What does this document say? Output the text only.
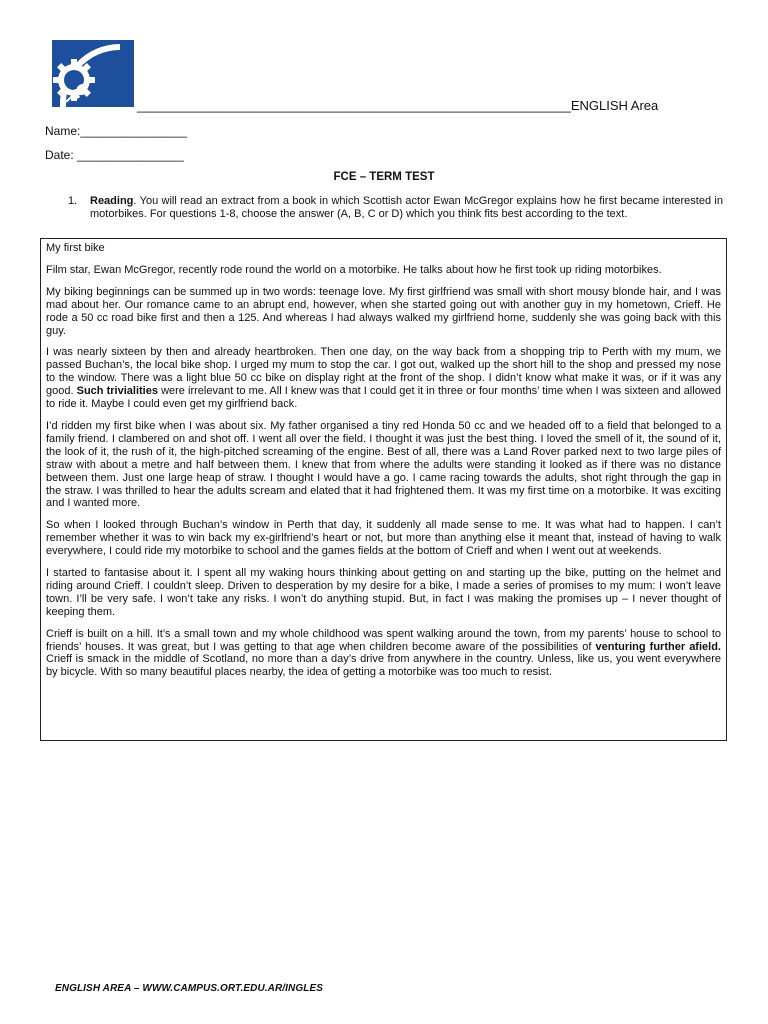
____________________________________________________________ENGLISH Area
Name:________________
Date: ________________
FCE – TERM TEST
1. Reading. You will read an extract from a book in which Scottish actor Ewan McGregor explains how he first became interested in motorbikes. For questions 1-8, choose the answer (A, B, C or D) which you think fits best according to the text.

My first bike

Film star, Ewan McGregor, recently rode round the world on a motorbike. He talks about how he first took up riding motorbikes.

My biking beginnings can be summed up in two words: teenage love. My first girlfriend was small with short mousy blonde hair, and I was mad about her. Our romance came to an abrupt end, however, when she started going out with another guy in my hometown, Crieff. He rode a 50 cc road bike first and then a 125. And whereas I had always walked my girlfriend home, suddenly she was going back with this guy.

I was nearly sixteen by then and already heartbroken. Then one day, on the way back from a shopping trip to Perth with my mum, we passed Buchan’s, the local bike shop. I urged my mum to stop the car. I got out, walked up the short hill to the shop and pressed my nose to the window. There was a light blue 50 cc bike on display right at the front of the shop. I didn’t know what make it was, or if it was any good. Such trivialities were irrelevant to me. All I knew was that I could get it in three or four months’ time when I was sixteen and allowed to ride it. Maybe I could even get my girlfriend back.

I’d ridden my first bike when I was about six. My father organised a tiny red Honda 50 cc and we headed off to a field that belonged to a family friend. I clambered on and shot off. I went all over the field. I thought it was just the best thing. I loved the smell of it, the sound of it, the look of it, the rush of it, the high-pitched screaming of the engine. Best of all, there was a Land Rover parked next to two large piles of straw with about a metre and half between them. I knew that from where the adults were standing it looked as if there was no distance between them. Just one large heap of straw. I thought I would have a go. I came racing towards the adults, shot right through the gap in the straw. I was thrilled to hear the adults scream and elated that it had frightened them. It was my first time on a motorbike. It was exciting and I wanted more.

So when I looked through Buchan’s window in Perth that day, it suddenly all made sense to me. It was what had to happen. I can’t remember whether it was to win back my ex-girlfriend’s heart or not, but more than anything else it meant that, instead of having to walk everywhere, I could ride my motorbike to school and the games fields at the bottom of Crieff and when I went out at weekends.

I started to fantasise about it. I spent all my waking hours thinking about getting on and starting up the bike, putting on the helmet and riding around Crieff. I couldn’t sleep. Driven to desperation by my desire for a bike, I made a series of promises to my mum: I won’t leave town. I’ll be very safe. I won’t take any risks. I won’t do anything stupid. But, in fact I was making the promises up – I never thought of keeping them.

Crieff is built on a hill. It’s a small town and my whole childhood was spent walking around the town, from my parents’ house to school to friends’ houses. It was great, but I was getting to that age when children become aware of the possibilities of venturing further afield. Crieff is smack in the middle of Scotland, no more than a day’s drive from anywhere in the country. Unless, like us, you went everywhere by bicycle. With so many beautiful places nearby, the idea of getting a motorbike was too much to resist.

ENGLISH AREA – WWW.CAMPUS.ORT.EDU.AR/INGLES
